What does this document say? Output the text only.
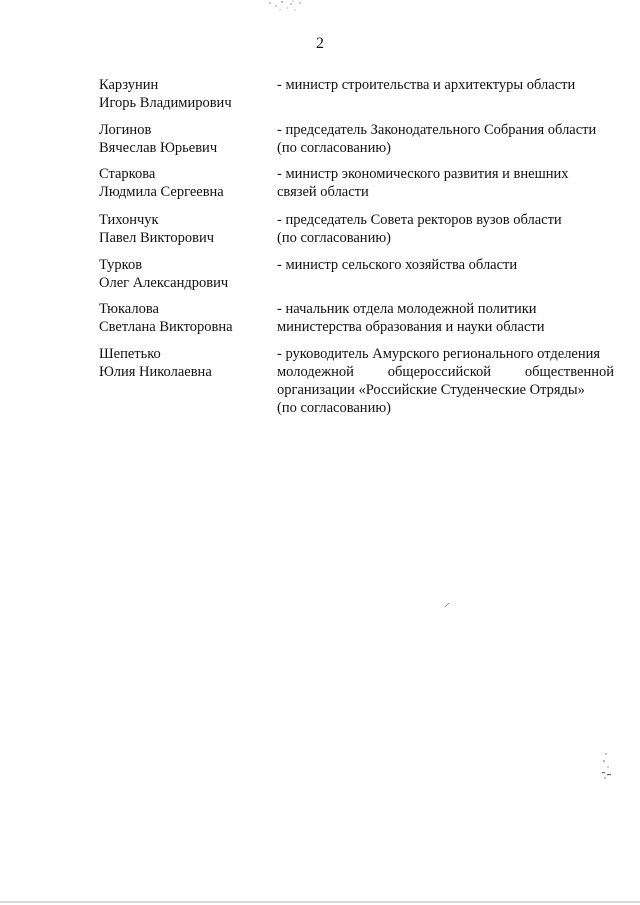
2
Карзунин
Игорь Владимирович
- министр строительства и архитектуры области
Логинов
Вячеслав Юрьевич
- председатель Законодательного Собрания области
(по согласованию)
Старкова
Людмила Сергеевна
- министр экономического развития и внешних
связей области
Тихончук
Павел Викторович
- председатель Совета ректоров вузов области
(по согласованию)
Турков
Олег Александрович
- министр сельского хозяйства области
Тюкалова
Светлана Викторовна
- начальник отдела молодежной политики
министерства образования и науки области
Шепетько
Юлия Николаевна
- руководитель Амурского регионального отделения
молодежной общероссийской общественной
организации «Российские Студенческие Отряды»
(по согласованию)
